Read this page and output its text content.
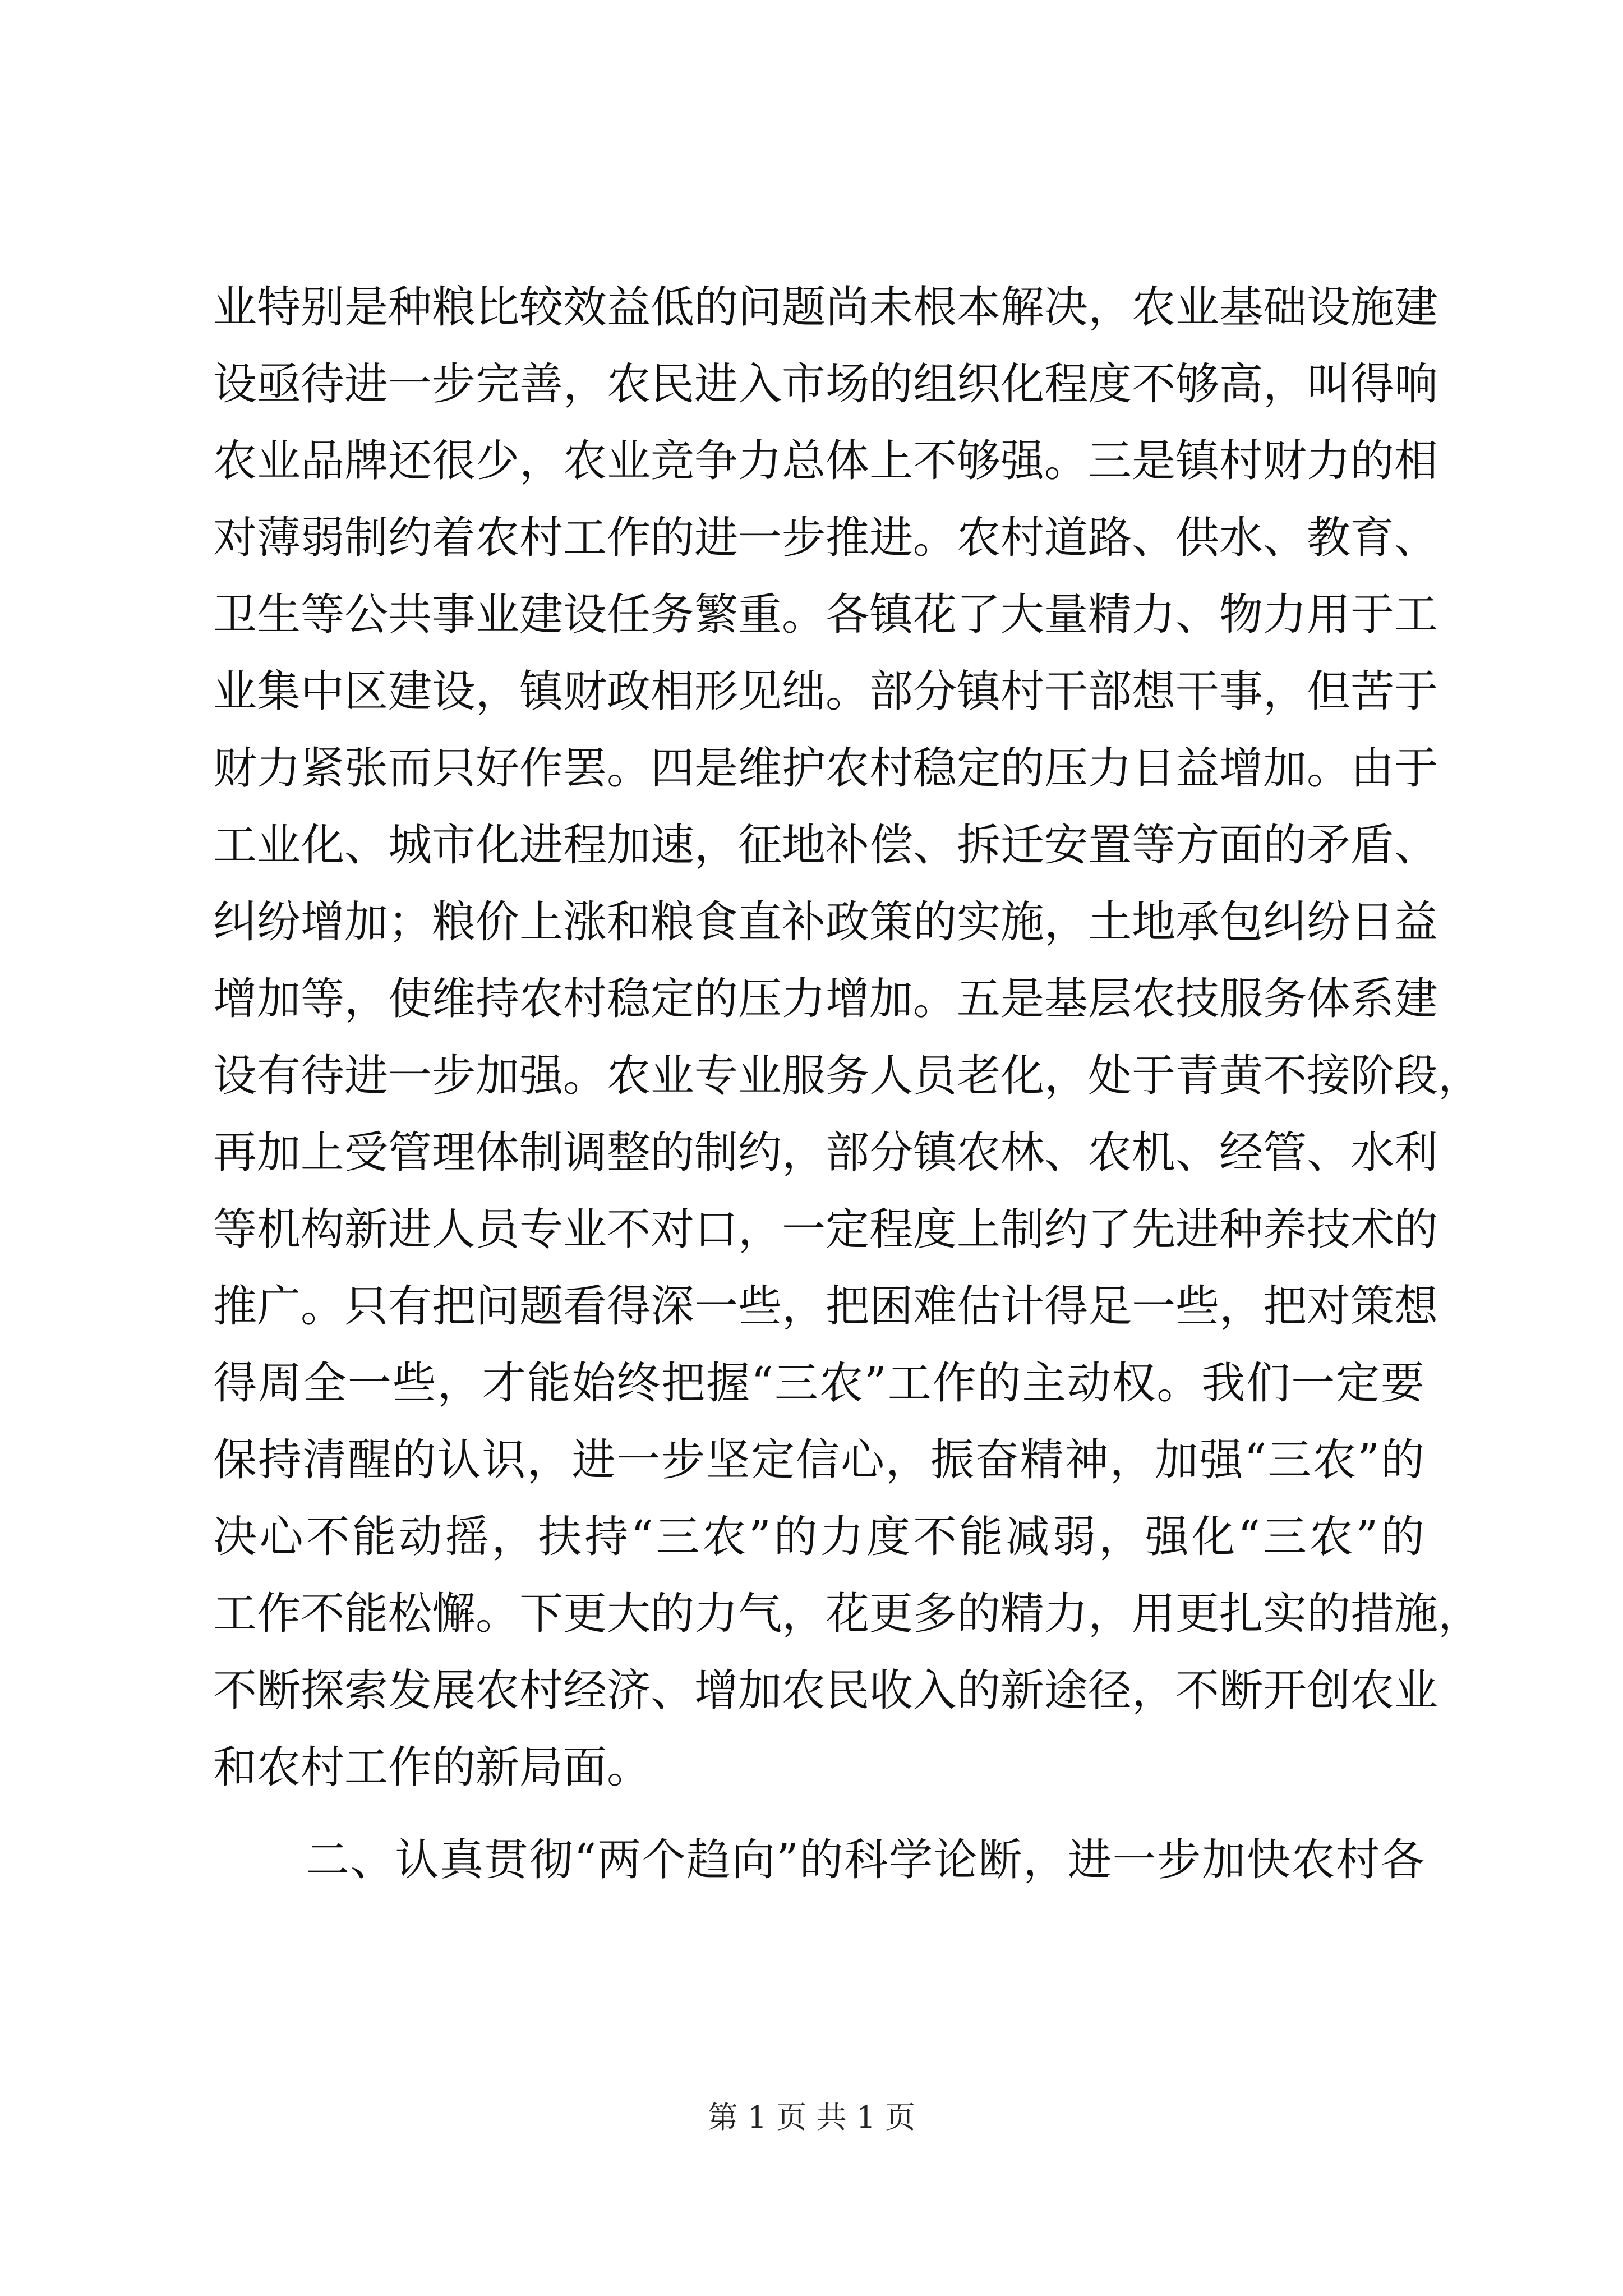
业特别是种粮比较效益低的问题尚未根本解决，农业基础设施建
设亟待进一步完善，农民进入市场的组织化程度不够高，叫得响
农业品牌还很少，农业竞争力总体上不够强。三是镇村财力的相
对薄弱制约着农村工作的进一步推进。农村道路、供水、教育、
卫生等公共事业建设任务繁重。各镇花了大量精力、物力用于工
业集中区建设，镇财政相形见绌。部分镇村干部想干事，但苦于
财力紧张而只好作罢。四是维护农村稳定的压力日益增加。由于
工业化、城市化进程加速，征地补偿、拆迁安置等方面的矛盾、
纠纷增加；粮价上涨和粮食直补政策的实施，土地承包纠纷日益
增加等，使维持农村稳定的压力增加。五是基层农技服务体系建
设有待进一步加强。农业专业服务人员老化，处于青黄不接阶段，
再加上受管理体制调整的制约，部分镇农林、农机、经管、水利
等机构新进人员专业不对口，一定程度上制约了先进种养技术的
推广。只有把问题看得深一些，把困难估计得足一些，把对策想
得周全一些，才能始终把握“三农”工作的主动权。我们一定要
保持清醒的认识，进一步坚定信心，振奋精神，加强“三农”的
决心不能动摇，扶持“三农”的力度不能减弱，强化“三农”的
工作不能松懈。下更大的力气，花更多的精力，用更扎实的措施，
不断探索发展农村经济、增加农民收入的新途径，不断开创农业
和农村工作的新局面。
二、认真贯彻“两个趋向”的科学论断，进一步加快农村各
第 1 页 共 1 页
